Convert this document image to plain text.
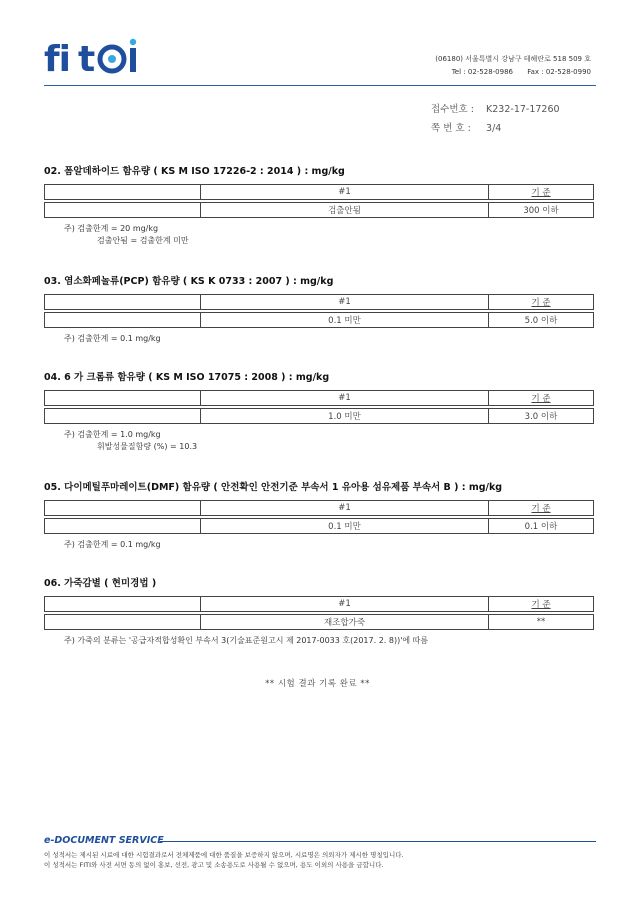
fi t	(06180) 서울특별시 강남구 테헤란로 518 509 호
Tel : 02-528-0986 Fax : 02-528-0990
접수번호 : K232-17-17260
쪽 번 호 : 3/4
02. 폼알데하이드 함유량 ( KS M ISO 17226-2 : 2014 ) : mg/kg
	#1	기 준

	검출안됨	300 이하
주) 검출한계 = 20 mg/kg
검출안됨 = 검출한계 미만
03. 염소화페놀류(PCP) 함유량 ( KS K 0733 : 2007 ) : mg/kg
	#1	기 준

	0.1 미만	5.0 이하
주) 검출한계 = 0.1 mg/kg
04. 6 가 크롬류 함유량 ( KS M ISO 17075 : 2008 ) : mg/kg
	#1	기 준

	1.0 미만	3.0 이하
주) 검출한계 = 1.0 mg/kg
휘발성물질함량 (%) = 10.3
05. 다이메틸푸마레이트(DMF) 함유량 ( 안전확인 안전기준 부속서 1 유아용 섬유제품 부속서 B ) : mg/kg
	#1	기 준

	0.1 미만	0.1 이하
주) 검출한계 = 0.1 mg/kg
06. 가죽감별 ( 현미경법 )
	#1	기 준

	재조합가죽	**
주) 가죽의 분류는 '공급자적합성확인 부속서 3(기술표준원고시 제 2017-0033 호(2017. 2. 8))'에 따름
** 시험 결과 기록 완료 **
e-DOCUMENT SERVICE
이 성적서는 제시된 시료에 대한 시험결과로서 전체제품에 대한 품질을 보증하지 않으며, 시료명은 의뢰자가 제시한 명칭입니다.
이 성적서는 FITI와 사전 서면 동의 없이 홍보, 선전, 광고 및 소송용도로 사용될 수 없으며, 용도 이외의 사용을 금합니다.
